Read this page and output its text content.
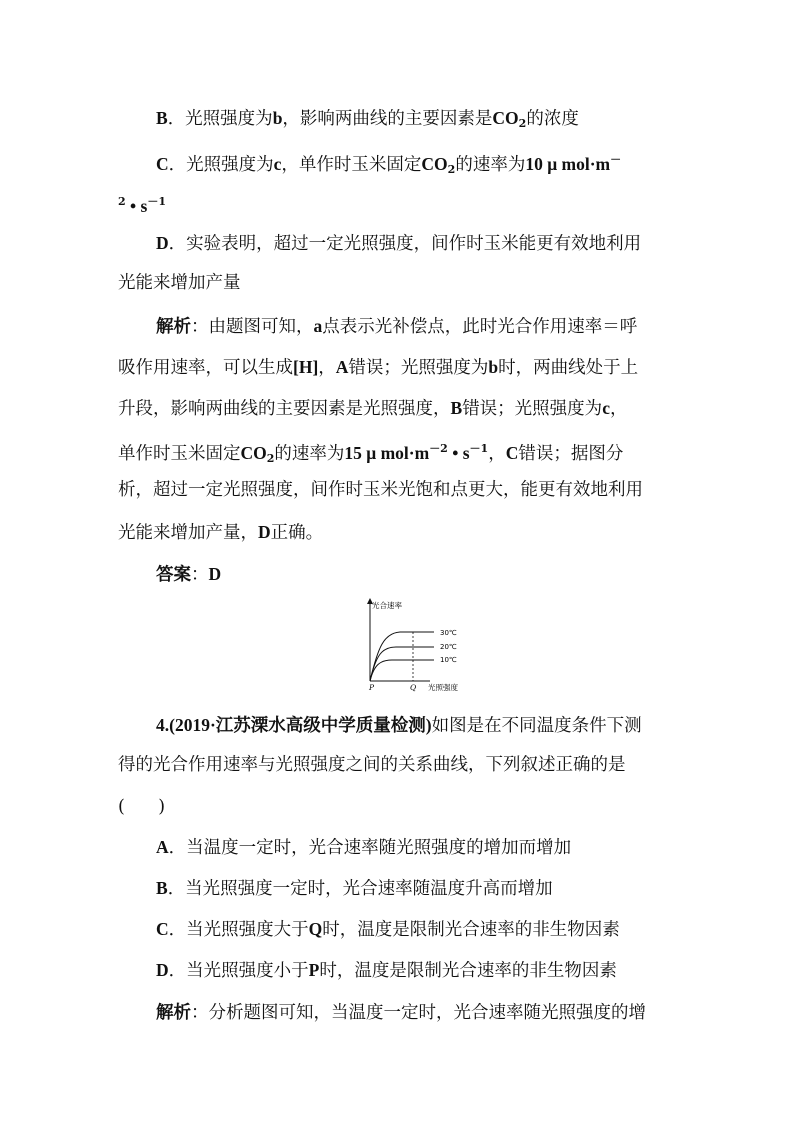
B．光照强度为b，影响两曲线的主要因素是$CO_2$的浓度
C．光照强度为c，单作时玉米固定$CO_2$的速率为10 μ mol·m－
$^2$ • $s^{-1}$
D．实验表明，超过一定光照强度，间作时玉米能更有效地利用
光能来增加产量
解析：由题图可知，a点表示光补偿点，此时光合作用速率＝呼
吸作用速率，可以生成[H]，A错误；光照强度为b时，两曲线处于上
升段，影响两曲线的主要因素是光照强度，B错误；光照强度为c，
单作时玉米固定$CO_2$的速率为15 μ $mol\cdot m^{-2}$ • $s^{-1}$，C错误；据图分
析，超过一定光照强度，间作时玉米光饱和点更大，能更有效地利用
光能来增加产量，D正确。
答案：D
光合速率
30℃
20℃
10℃
P	Q 光照强度
4.(2019·江苏溧水高级中学质量检测)如图是在不同温度条件下测
得的光合作用速率与光照强度之间的关系曲线，下列叙述正确的是
(      )
A．当温度一定时，光合速率随光照强度的增加而增加
B．当光照强度一定时，光合速率随温度升高而增加
C．当光照强度大于Q时，温度是限制光合速率的非生物因素
D．当光照强度小于P时，温度是限制光合速率的非生物因素
解析：分析题图可知，当温度一定时，光合速率随光照强度的增
